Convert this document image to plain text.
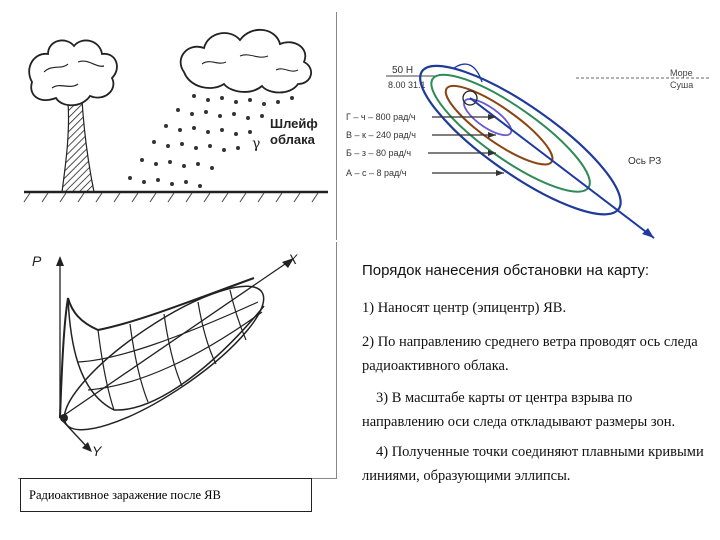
Шлейф
облака
γ
50 Н
8.00 31.1
Море
Суша
Ось РЗ
Г – ч – 800 рад/ч
В – к – 240 рад/ч
Б – з – 80 рад/ч
А – с – 8 рад/ч
P	X
Y
Радиоактивное заражение после ЯВ

Порядок нанесения обстановки на карту:

1) Наносят центр (эпицентр) ЯВ.

2) По направлению среднего ветра проводят ось следа радиоактивного облака.

3) В масштабе карты от центра взрыва по направлению оси следа откладывают размеры зон.

4) Полученные точки соединяют плавными кривыми линиями, образующими эллипсы.
